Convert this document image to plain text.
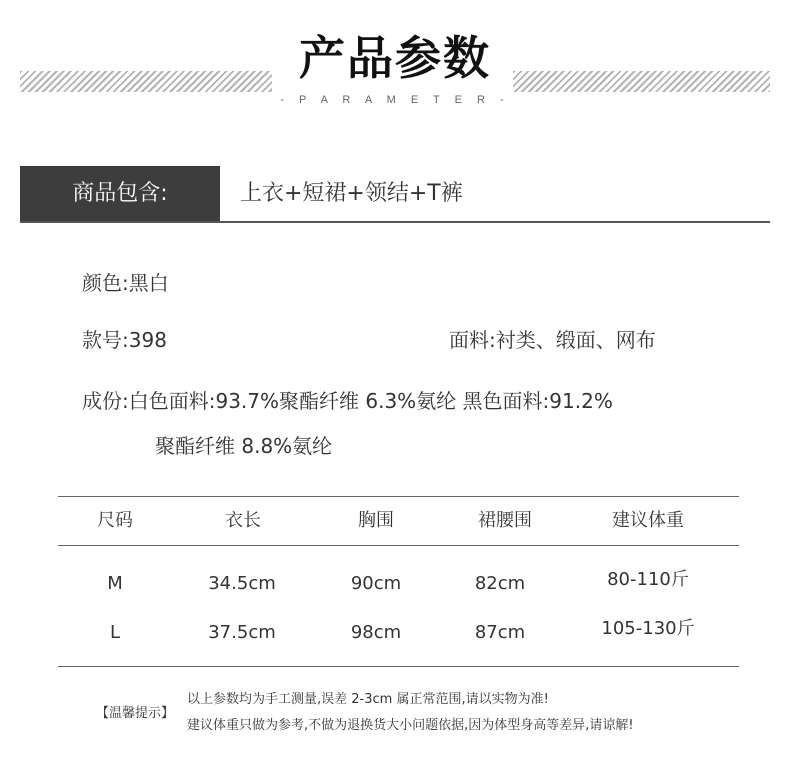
产品参数
- P A R A M E T E R -
商品包含:	上衣+短裙+领结+T裤
颜色:黑白
款号:398	面料:衬类、缎面、网布
成份:白色面料:93.7%聚酯纤维 6.3%氨纶 黑色面料:91.2%
聚酯纤维 8.8%氨纶
尺码	衣长	胸围	裙腰围	建议体重
M	34.5cm	90cm	82cm	80-110斤
L	37.5cm	98cm	87cm	105-130斤
【温馨提示】
以上参数均为手工测量,误差 2-3cm 属正常范围,请以实物为准!
建议体重只做为参考,不做为退换货大小问题依据,因为体型身高等差异,请谅解!
